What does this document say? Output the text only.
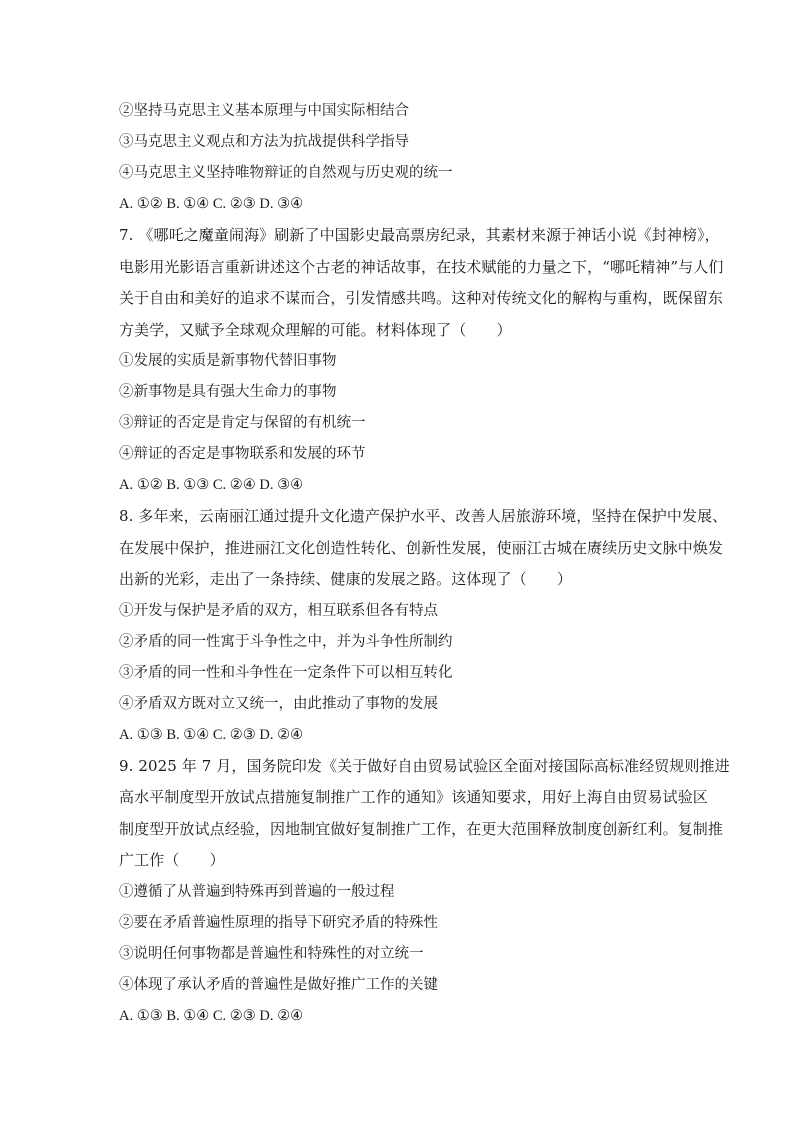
②坚持马克思主义基本原理与中国实际相结合
③马克思主义观点和方法为抗战提供科学指导
④马克思主义坚持唯物辩证的自然观与历史观的统一
A. ①② B. ①④ C. ②③ D. ③④
7. 《哪吒之魔童闹海》刷新了中国影史最高票房纪录，其素材来源于神话小说《封神榜》，
电影用光影语言重新讲述这个古老的神话故事，在技术赋能的力量之下，“哪吒精神”与人们
关于自由和美好的追求不谋而合，引发情感共鸣。这种对传统文化的解构与重构，既保留东
方美学，又赋予全球观众理解的可能。材料体现了（　　）
①发展的实质是新事物代替旧事物
②新事物是具有强大生命力的事物
③辩证的否定是肯定与保留的有机统一
④辩证的否定是事物联系和发展的环节
A. ①② B. ①③ C. ②④ D. ③④
8. 多年来，云南丽江通过提升文化遗产保护水平、改善人居旅游环境，坚持在保护中发展、
在发展中保护，推进丽江文化创造性转化、创新性发展，使丽江古城在赓续历史文脉中焕发
出新的光彩，走出了一条持续、健康的发展之路。这体现了（　　）
①开发与保护是矛盾的双方，相互联系但各有特点
②矛盾的同一性寓于斗争性之中，并为斗争性所制约
③矛盾的同一性和斗争性在一定条件下可以相互转化
④矛盾双方既对立又统一，由此推动了事物的发展
A. ①③ B. ①④ C. ②③ D. ②④
9. 2025 年 7 月，国务院印发《关于做好自由贸易试验区全面对接国际高标准经贸规则推进
高水平制度型开放试点措施复制推广工作的通知》该通知要求，用好上海自由贸易试验区
制度型开放试点经验，因地制宜做好复制推广工作，在更大范围释放制度创新红利。复制推
广工作（　　）
①遵循了从普遍到特殊再到普遍的一般过程
②要在矛盾普遍性原理的指导下研究矛盾的特殊性
③说明任何事物都是普遍性和特殊性的对立统一
④体现了承认矛盾的普遍性是做好推广工作的关键
A. ①③ B. ①④ C. ②③ D. ②④
